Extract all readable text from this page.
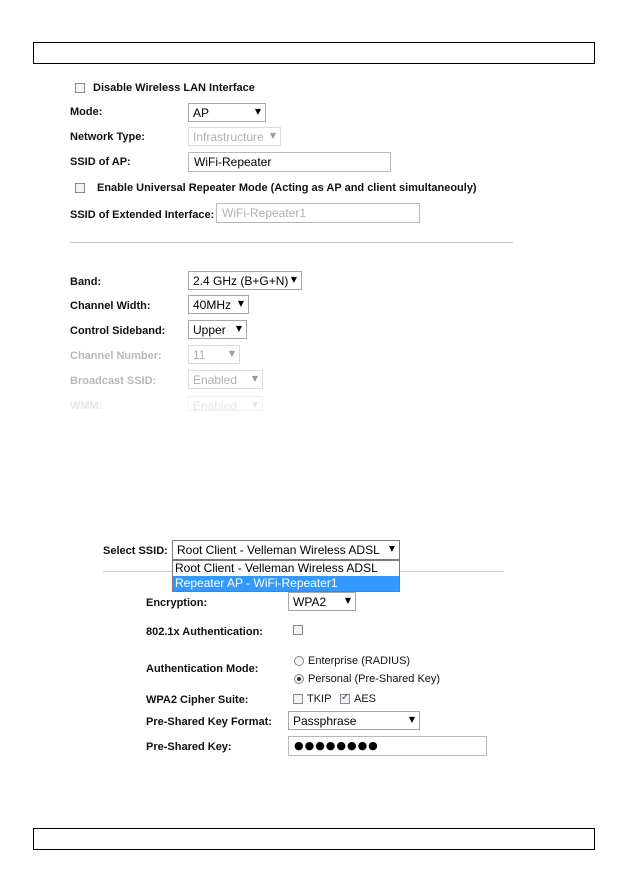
Disable Wireless LAN Interface
Mode:	AP	▼
Network Type:	Infrastructure ▼
SSID of AP:	WiFi-Repeater
Enable Universal Repeater Mode (Acting as AP and client simultaneouly)
SSID of Extended Interface: WiFi-Repeater1
Band:	2.4 GHz (B+G+N) ▼
Channel Width:	40MHz ▼
Control Sideband:	Upper ▼
Channel Number:	11	▼
Broadcast SSID:	Enabled ▼
WMM:	Enabled ▼
Select SSID: Root Client - Velleman Wireless ADSL ▼
Root Client - Velleman Wireless ADSL
Repeater AP - WiFi-Repeater1
Encryption:	WPA2 ▼
802.1x Authentication:
Authentication Mode:
Enterprise (RADIUS)
Personal (Pre-Shared Key)
WPA2 Cipher Suite:	TKIP
✓ AES
Pre-Shared Key Format:	Passphrase	▼
Pre-Shared Key:	●●●●●●●●
